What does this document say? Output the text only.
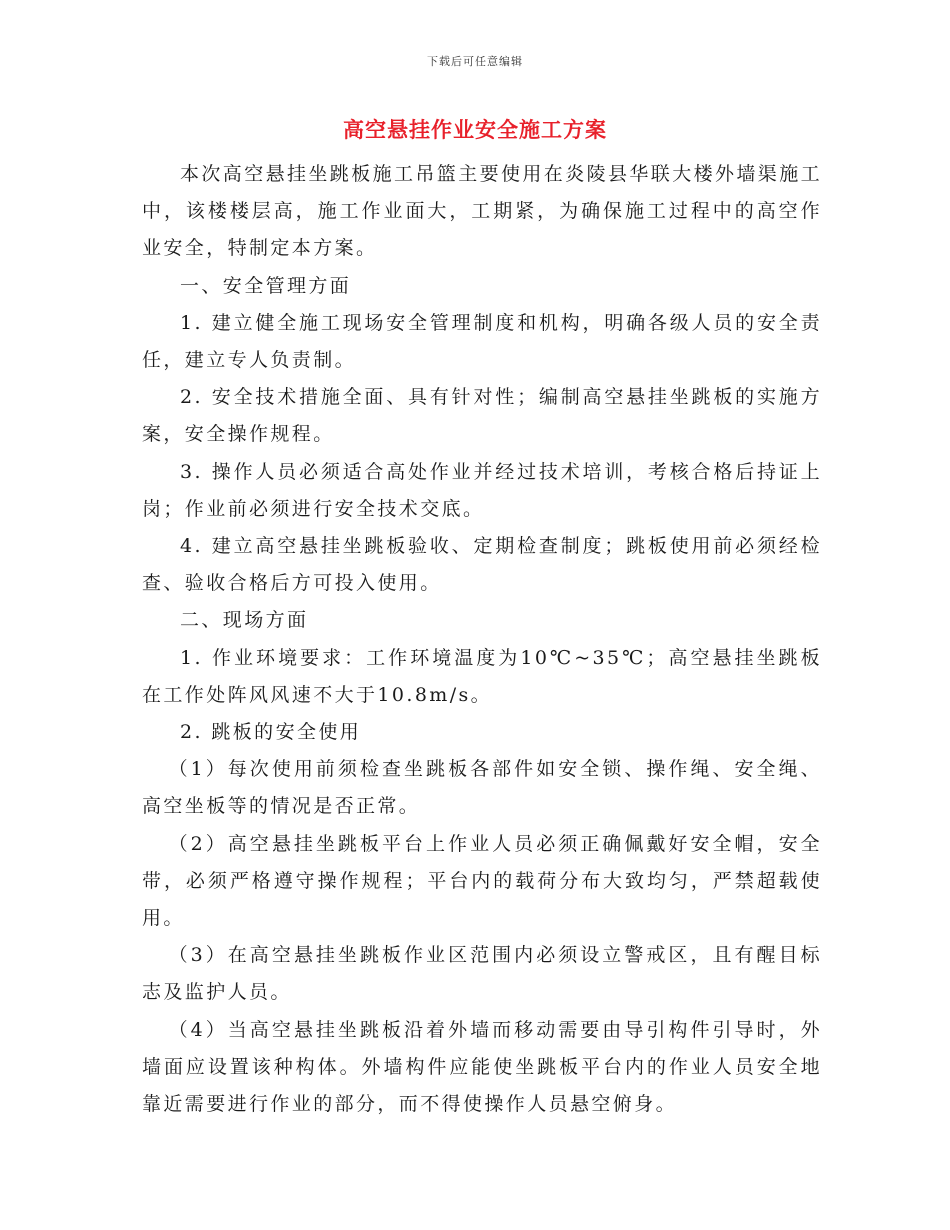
下载后可任意编辑
高空悬挂作业安全施工方案

本次高空悬挂坐跳板施工吊篮主要使用在炎陵县华联大楼外墙渠施工中，该楼楼层高，施工作业面大，工期紧，为确保施工过程中的高空作业安全，特制定本方案。

一、安全管理方面

1. 建立健全施工现场安全管理制度和机构，明确各级人员的安全责任，建立专人负责制。

2. 安全技术措施全面、具有针对性；编制高空悬挂坐跳板的实施方案，安全操作规程。

3. 操作人员必须适合高处作业并经过技术培训，考核合格后持证上岗；作业前必须进行安全技术交底。

4. 建立高空悬挂坐跳板验收、定期检查制度；跳板使用前必须经检查、验收合格后方可投入使用。

二、现场方面

1. 作业环境要求：工作环境温度为10℃~35℃；高空悬挂坐跳板在工作处阵风风速不大于10.8m/s。

2. 跳板的安全使用

（1）每次使用前须检查坐跳板各部件如安全锁、操作绳、安全绳、高空坐板等的情况是否正常。

（2）高空悬挂坐跳板平台上作业人员必须正确佩戴好安全帽，安全带，必须严格遵守操作规程；平台内的载荷分布大致均匀，严禁超载使用。

（3）在高空悬挂坐跳板作业区范围内必须设立警戒区，且有醒目标志及监护人员。

（4）当高空悬挂坐跳板沿着外墙而移动需要由导引构件引导时，外墙面应设置该种构体。外墙构件应能使坐跳板平台内的作业人员安全地靠近需要进行作业的部分，而不得使操作人员悬空俯身。
